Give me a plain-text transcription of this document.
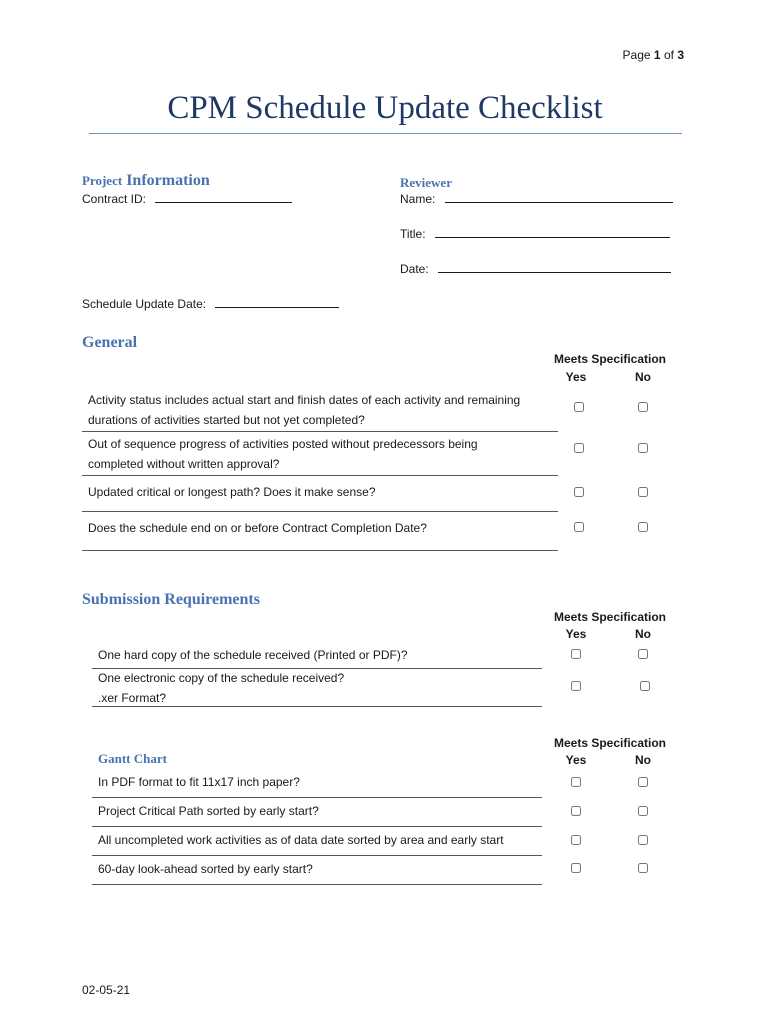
Page 1 of 3
CPM Schedule Update Checklist
Project Information
Contract ID:
Reviewer
Name:
Title:
Date:
Schedule Update Date:
General
Meets Specification
Yes	No
Activity status includes actual start and finish dates of each activity and remaining
durations of activities started but not yet completed?
Out of sequence progress of activities posted without predecessors being
completed without written approval?
Updated critical or longest path? Does it make sense?
Does the schedule end on or before Contract Completion Date?
Submission Requirements
Meets Specification
Yes	No
One hard copy of the schedule received (Printed or PDF)?
One electronic copy of the schedule received?
.xer Format?
Meets Specification
Gantt Chart	Yes	No
In PDF format to fit 11x17 inch paper?
Project Critical Path sorted by early start?
All uncompleted work activities as of data date sorted by area and early start
60-day look-ahead sorted by early start?
02-05-21
